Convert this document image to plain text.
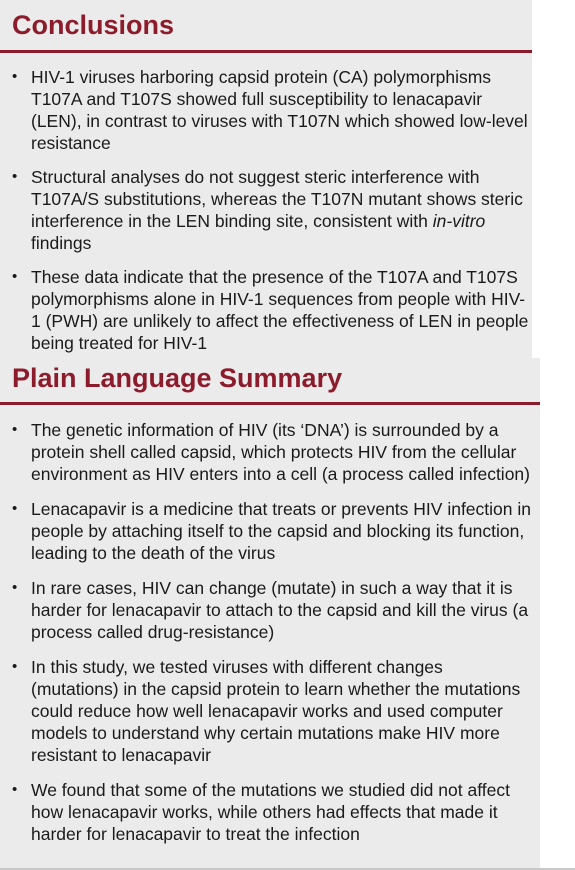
Conclusions
• HIV-1 viruses harboring capsid protein (CA) polymorphisms T107A and T107S showed full susceptibility to lenacapavir (LEN), in contrast to viruses with T107N which showed low-level resistance
• Structural analyses do not suggest steric interference with T107A/S substitutions, whereas the T107N mutant shows steric interference in the LEN binding site, consistent with in-vitro findings
• These data indicate that the presence of the T107A and T107S polymorphisms alone in HIV-1 sequences from people with HIV-1 (PWH) are unlikely to affect the effectiveness of LEN in people being treated for HIV-1
Plain Language Summary
• The genetic information of HIV (its ‘DNA’) is surrounded by a protein shell called capsid, which protects HIV from the cellular environment as HIV enters into a cell (a process called infection)
• Lenacapavir is a medicine that treats or prevents HIV infection in people by attaching itself to the capsid and blocking its function, leading to the death of the virus
• In rare cases, HIV can change (mutate) in such a way that it is harder for lenacapavir to attach to the capsid and kill the virus (a process called drug-resistance)
• In this study, we tested viruses with different changes (mutations) in the capsid protein to learn whether the mutations could reduce how well lenacapavir works and used computer models to understand why certain mutations make HIV more resistant to lenacapavir
• We found that some of the mutations we studied did not affect how lenacapavir works, while others had effects that made it harder for lenacapavir to treat the infection
